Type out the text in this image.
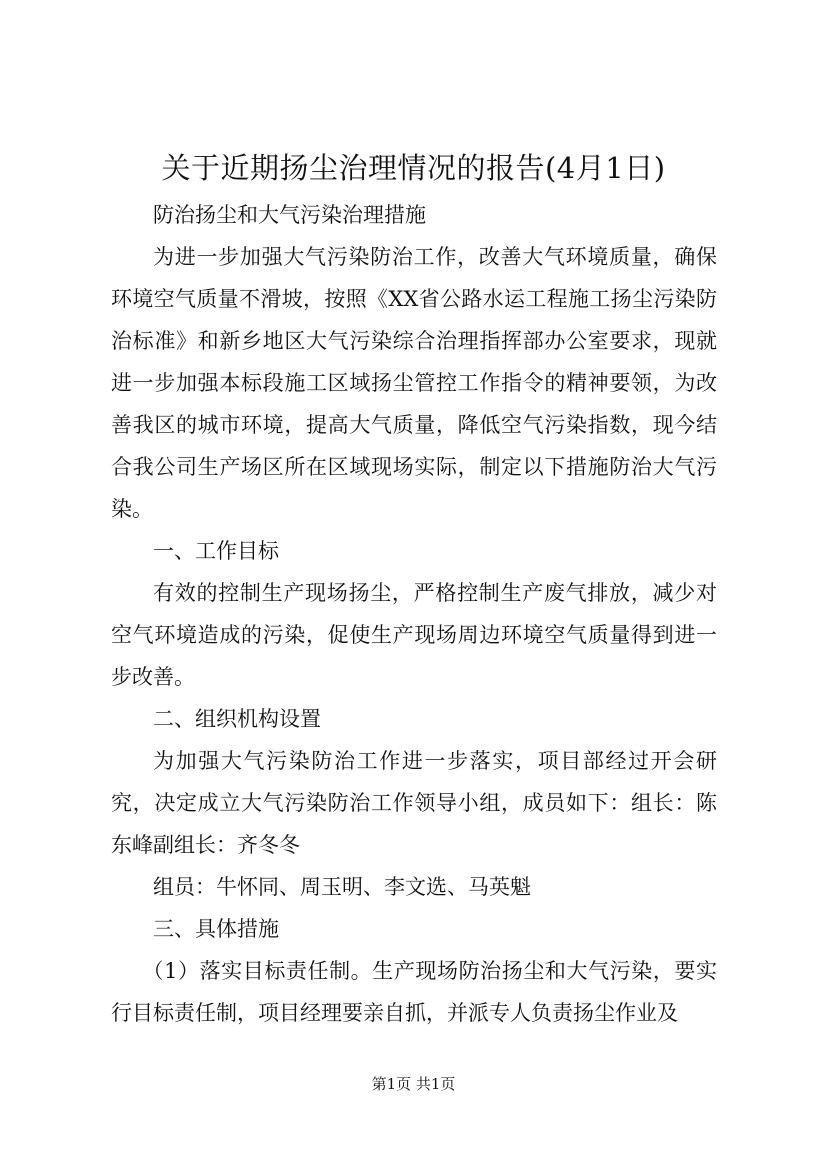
关于近期扬尘治理情况的报告(4月1日)

防治扬尘和大气污染治理措施

为进一步加强大气污染防治工作，改善大气环境质量，确保环境空气质量不滑坡，按照《XX省公路水运工程施工扬尘污染防治标准》和新乡地区大气污染综合治理指挥部办公室要求，现就进一步加强本标段施工区域扬尘管控工作指令的精神要领，为改善我区的城市环境，提高大气质量，降低空气污染指数，现今结合我公司生产场区所在区域现场实际，制定以下措施防治大气污染。

一、工作目标

有效的控制生产现场扬尘，严格控制生产废气排放，减少对空气环境造成的污染，促使生产现场周边环境空气质量得到进一步改善。

二、组织机构设置

为加强大气污染防治工作进一步落实，项目部经过开会研究，决定成立大气污染防治工作领导小组，成员如下：组长：陈东峰副组长：齐冬冬

组员：牛怀同、周玉明、李文选、马英魁

三、具体措施

（1）落实目标责任制。生产现场防治扬尘和大气污染，要实行目标责任制，项目经理要亲自抓，并派专人负责扬尘作业及

第1页 共1页
